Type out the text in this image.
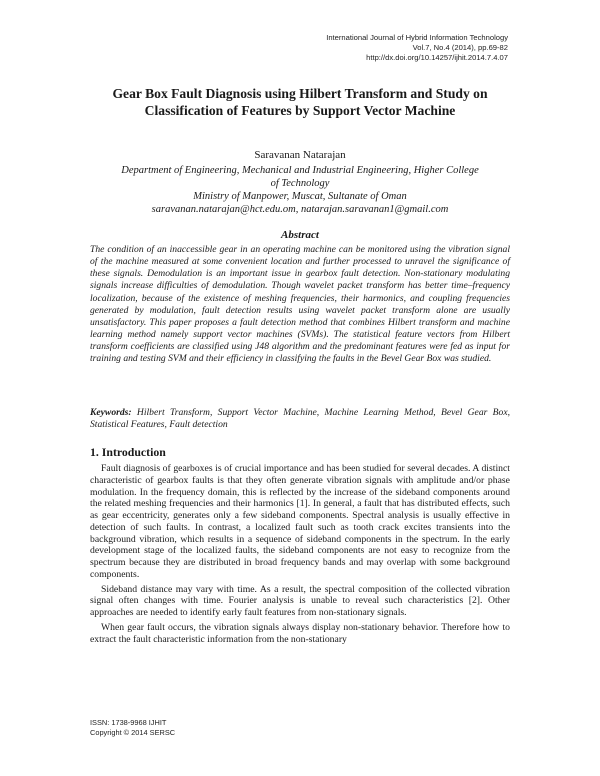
International Journal of Hybrid Information Technology
Vol.7, No.4 (2014), pp.69-82
http://dx.doi.org/10.14257/ijhit.2014.7.4.07
Gear Box Fault Diagnosis using Hilbert Transform and Study on
Classification of Features by Support Vector Machine
Saravanan Natarajan
Department of Engineering, Mechanical and Industrial Engineering, Higher College
of Technology
Ministry of Manpower, Muscat, Sultanate of Oman
saravanan.natarajan@hct.edu.om, natarajan.saravanan1@gmail.com
Abstract
The condition of an inaccessible gear in an operating machine can be monitored using the vibration signal of the machine measured at some convenient location and further processed to unravel the significance of these signals. Demodulation is an important issue in gearbox fault detection. Non-stationary modulating signals increase difficulties of demodulation. Though wavelet packet transform has better time–frequency localization, because of the existence of meshing frequencies, their harmonics, and coupling frequencies generated by modulation, fault detection results using wavelet packet transform alone are usually unsatisfactory. This paper proposes a fault detection method that combines Hilbert transform and machine learning method namely support vector machines (SVMs). The statistical feature vectors from Hilbert transform coefficients are classified using J48 algorithm and the predominant features were fed as input for training and testing SVM and their efficiency in classifying the faults in the Bevel Gear Box was studied.
Keywords: Hilbert Transform, Support Vector Machine, Machine Learning Method, Bevel Gear Box, Statistical Features, Fault detection
1. Introduction

Fault diagnosis of gearboxes is of crucial importance and has been studied for several decades. A distinct characteristic of gearbox faults is that they often generate vibration signals with amplitude and/or phase modulation. In the frequency domain, this is reflected by the increase of the sideband components around the related meshing frequencies and their harmonics [1]. In general, a fault that has distributed effects, such as gear eccentricity, generates only a few sideband components. Spectral analysis is usually effective in detection of such faults. In contrast, a localized fault such as tooth crack excites transients into the background vibration, which results in a sequence of sideband components in the spectrum. In the early development stage of the localized faults, the sideband components are not easy to recognize from the spectrum because they are distributed in broad frequency bands and may overlap with some background components.

Sideband distance may vary with time. As a result, the spectral composition of the collected vibration signal often changes with time. Fourier analysis is unable to reveal such characteristics [2]. Other approaches are needed to identify early fault features from non-stationary signals.

When gear fault occurs, the vibration signals always display non-stationary behavior. Therefore how to extract the fault characteristic information from the non-stationary

ISSN: 1738-9968 IJHIT
Copyright © 2014 SERSC
